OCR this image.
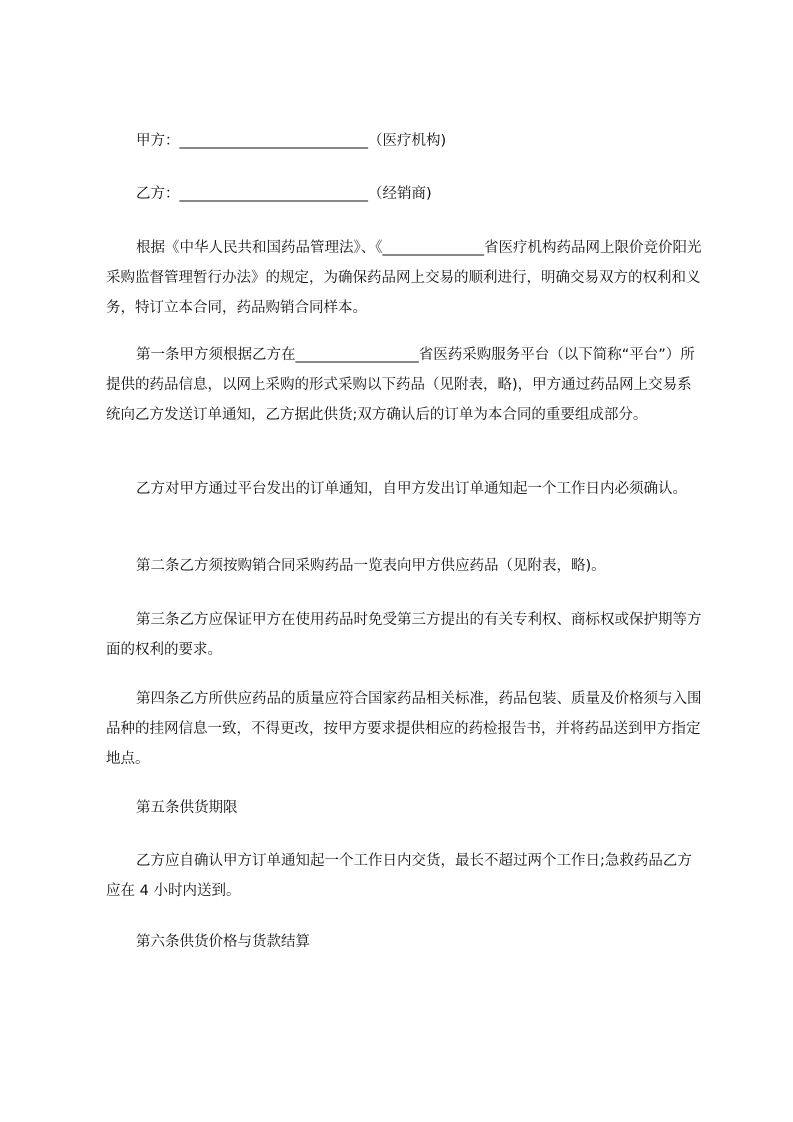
甲方：__________________________（医疗机构)
乙方：__________________________（经销商)
根据《中华人民共和国药品管理法》、《______________省医疗机构药品网上限价竞价阳光采购监督管理暂行办法》的规定，为确保药品网上交易的顺利进行，明确交易双方的权利和义务，特订立本合同，药品购销合同样本。
第一条甲方须根据乙方在_________________省医药采购服务平台（以下简称“平台”）所提供的药品信息，以网上采购的形式采购以下药品（见附表，略)，甲方通过药品网上交易系统向乙方发送订单通知，乙方据此供货;双方确认后的订单为本合同的重要组成部分。
乙方对甲方通过平台发出的订单通知，自甲方发出订单通知起一个工作日内必须确认。
第二条乙方须按购销合同采购药品一览表向甲方供应药品（见附表，略)。
第三条乙方应保证甲方在使用药品时免受第三方提出的有关专利权、商标权或保护期等方面的权利的要求。
第四条乙方所供应药品的质量应符合国家药品相关标准，药品包装、质量及价格须与入围品种的挂网信息一致，不得更改，按甲方要求提供相应的药检报告书，并将药品送到甲方指定地点。
第五条供货期限
乙方应自确认甲方订单通知起一个工作日内交货，最长不超过两个工作日;急救药品乙方应在 4 小时内送到。
第六条供货价格与货款结算
